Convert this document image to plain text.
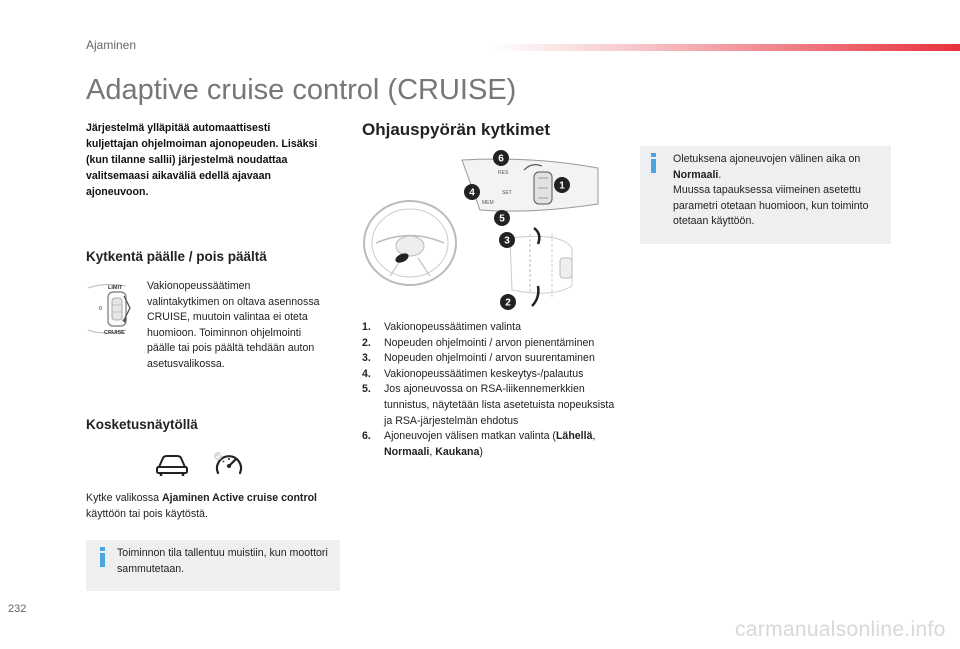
Ajaminen
Adaptive cruise control (CRUISE)
Järjestelmä ylläpitää automaattisesti kuljettajan ohjelmoiman ajonopeuden. Lisäksi (kun tilanne sallii) järjestelmä noudattaa valitsemaasi aikaväliä edellä ajavaan ajoneuvoon.
Kytkentä päälle / pois päältä
LIMIT
0
CRUISE
Vakionopeussäätimen valintakytkimen on oltava asennossa CRUISE, muutoin valintaa ei oteta huomioon. Toiminnon ohjelmointi päälle tai pois päältä tehdään auton asetusvalikossa.
Kosketusnäytöllä
Kytke valikossa Ajaminen Active cruise control käyttöön tai pois käytöstä.
Toiminnon tila tallentuu muistiin, kun moottori sammutetaan.
Ohjauspyörän kytkimet
RES
SET
MEM
6
4
5
1
3
2
1. Vakionopeussäätimen valinta
2. Nopeuden ohjelmointi / arvon pienentäminen
3. Nopeuden ohjelmointi / arvon suurentaminen
4. Vakionopeussäätimen keskeytys-/palautus
5. Jos ajoneuvossa on RSA-liikennemerkkien tunnistus, näytetään lista asetetuista nopeuksista ja RSA-järjestelmän ehdotus
6. Ajoneuvojen välisen matkan valinta (Lähellä, Normaali, Kaukana)
Oletuksena ajoneuvojen välinen aika on Normaali.
Muussa tapauksessa viimeinen asetettu parametri otetaan huomioon, kun toiminto otetaan käyttöön.
232
carmanualsonline.info
